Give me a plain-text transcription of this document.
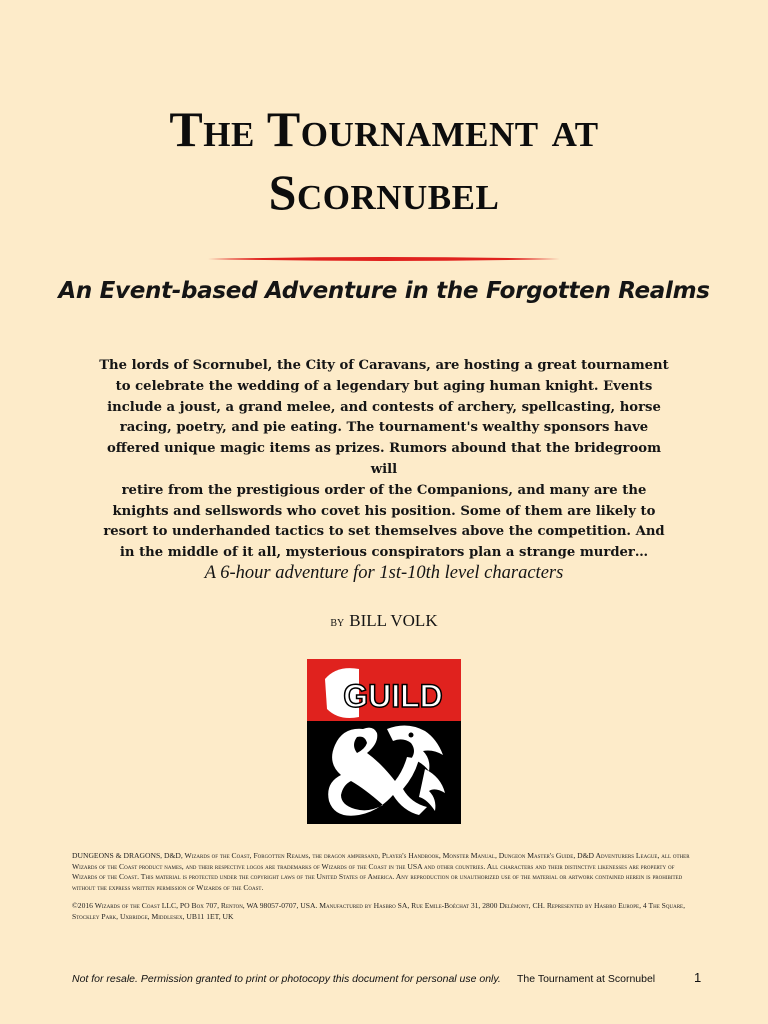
The Tournament at
Scornubel
An Event-based Adventure in the Forgotten Realms
The lords of Scornubel, the City of Caravans, are hosting a great tournament
to celebrate the wedding of a legendary but aging human knight. Events
include a joust, a grand melee, and contests of archery, spellcasting, horse
racing, poetry, and pie eating. The tournament's wealthy sponsors have
offered unique magic items as prizes. Rumors abound that the bridegroom will
retire from the prestigious order of the Companions, and many are the
knights and sellswords who covet his position. Some of them are likely to
resort to underhanded tactics to set themselves above the competition. And
in the middle of it all, mysterious conspirators plan a strange murder…
A 6-hour adventure for 1st-10th level characters
by BILL VOLK
GUILD

DUNGEONS & DRAGONS, D&D, Wizards of the Coast, Forgotten Realms, the dragon ampersand, Player's Handbook, Monster Manual, Dungeon Master's Guide, D&D Adventurers League, all other Wizards of the Coast product names, and their respective logos are trademarks of Wizards of the Coast in the USA and other countries. All characters and their distinctive likenesses are property of Wizards of the Coast. This material is protected under the copyright laws of the United States of America. Any reproduction or unauthorized use of the material or artwork contained herein is prohibited without the express written permission of Wizards of the Coast.

©2016 Wizards of the Coast LLC, PO Box 707, Renton, WA 98057-0707, USA. Manufactured by Hasbro SA, Rue Emile-Boéchat 31, 2800 Delémont, CH. Represented by Hasbro Europe, 4 The Square, Stockley Park, Uxbridge, Middlesex, UB11 1ET, UK

Not for resale. Permission granted to print or photocopy this document for personal use only. The Tournament at Scornubel	1
